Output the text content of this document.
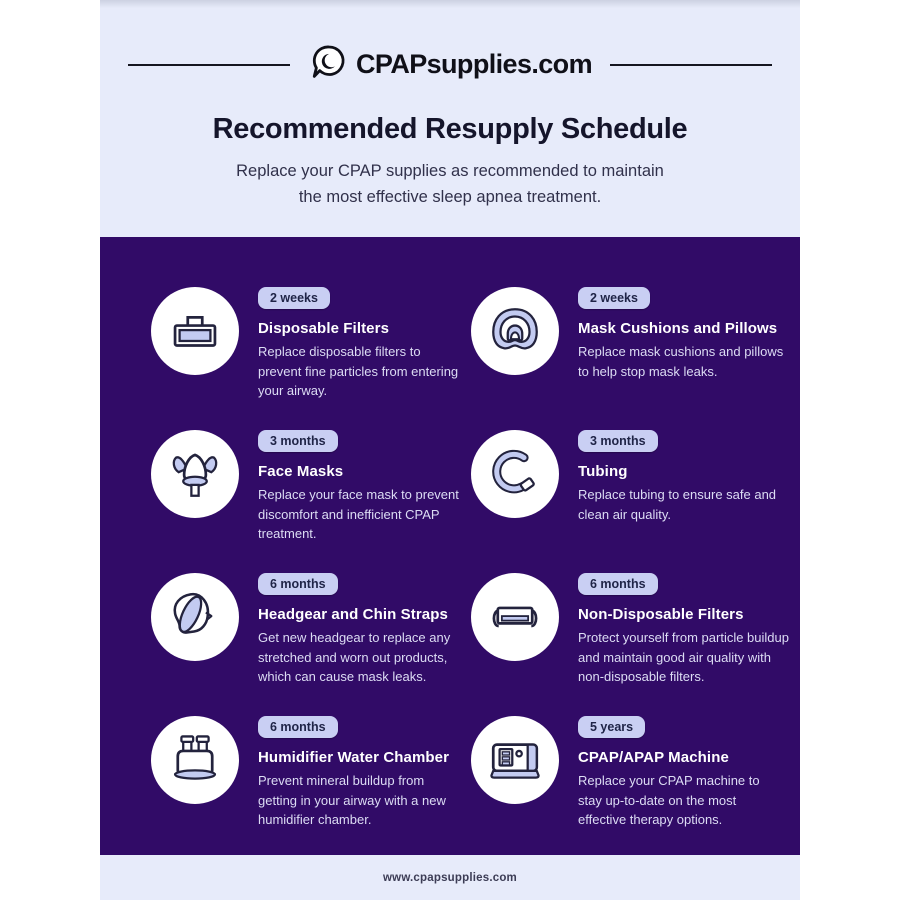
CPAPsupplies.com
Recommended Resupply Schedule
Replace your CPAP supplies as recommended to maintain
the most effective sleep apnea treatment.
2 weeks
Disposable Filters

Replace disposable filters to prevent fine particles from entering your airway.

2 weeks
Mask Cushions and Pillows

Replace mask cushions and pillows to help stop mask leaks.

3 months
Face Masks

Replace your face mask to prevent discomfort and inefficient CPAP treatment.

3 months
Tubing

Replace tubing to ensure safe and clean air quality.

6 months
Headgear and Chin Straps

Get new headgear to replace any stretched and worn out products, which can cause mask leaks.

6 months
Non-Disposable Filters

Protect yourself from particle buildup and maintain good air quality with non-disposable filters.

6 months
Humidifier Water Chamber

Prevent mineral buildup from getting in your airway with a new humidifier chamber.

5 years
CPAP/APAP Machine

Replace your CPAP machine to stay up-to-date on the most effective therapy options.

www.cpapsupplies.com
